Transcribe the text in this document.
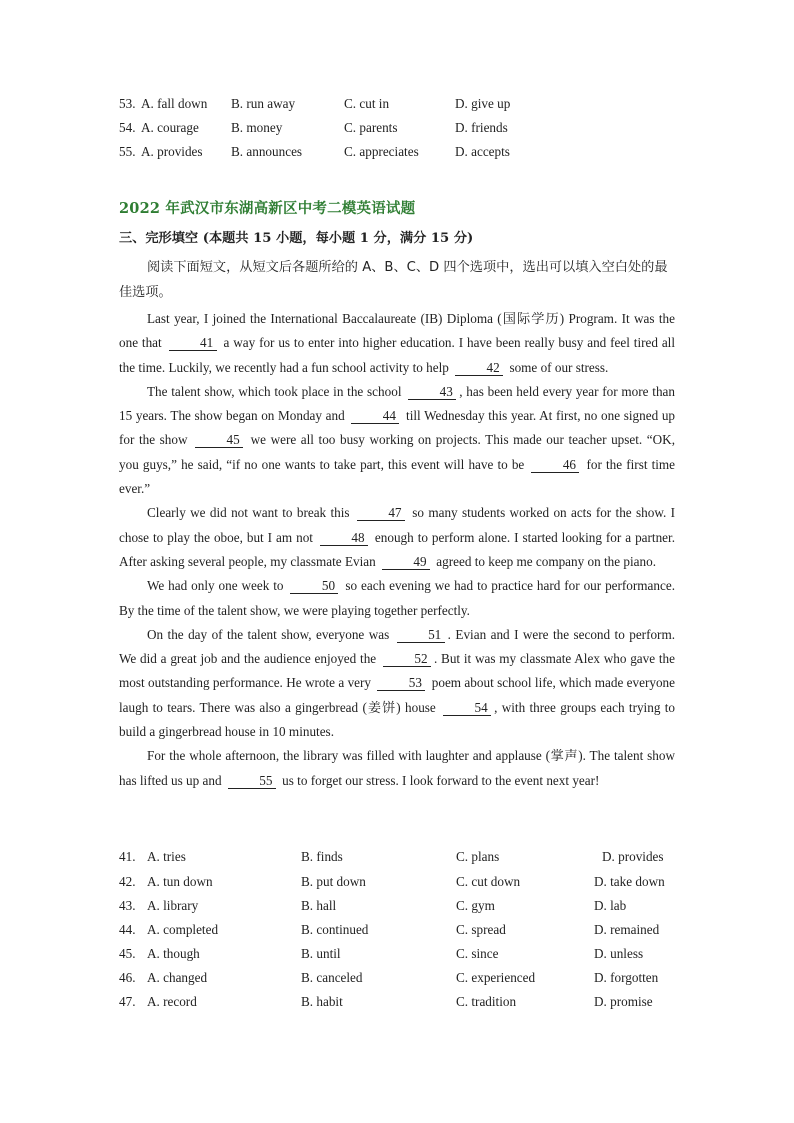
53. A. fall down B. run away	C. cut in	D. give up
54. A. courage B. money	C. parents	D. friends
55. A. provides B. announces	C. appreciates	D. accepts
2022 年武汉市东湖高新区中考二模英语试题
三、完形填空 (本题共 15 小题，每小题 1 分，满分 15 分)
阅读下面短文，从短文后各题所给的 A、B、C、D 四个选项中，选出可以填入空白处的最佳选项。

Last year, I joined the International Baccalaureate (IB) Diploma (国际学历) Program. It was the one that	41 a way for us to enter into higher education. I have been really busy and feel tired all the time. Luckily, we recently had a fun school activity to help	42 some of our stress.

The talent show, which took place in the school	43 , has been held every year for more than 15 years. The show began on Monday and	44 till Wednesday this year. At first, no one signed up for the show	45 we were all too busy working on projects. This made our teacher upset. “OK, you guys,” he said, “if no one wants to take part, this event will have to be	46 for the first time ever.”

Clearly we did not want to break this	47 so many students worked on acts for the show. I chose to play the oboe, but I am not	48 enough to perform alone. I started looking for a partner. After asking several people, my classmate Evian	49 agreed to keep me company on the piano.

We had only one week to	50 so each evening we had to practice hard for our performance. By the time of the talent show, we were playing together perfectly.

On the day of the talent show, everyone was	51 . Evian and I were the second to perform. We did a great job and the audience enjoyed the	52 . But it was my classmate Alex who gave the most outstanding performance. He wrote a very	53 poem about school life, which made everyone laugh to tears. There was also a gingerbread (姜饼) house	54 , with three groups each trying to build a gingerbread house in 10 minutes.

For the whole afternoon, the library was filled with laughter and applause (掌声). The talent show has lifted us up and	55 us to forget our stress. I look forward to the event next year!

41. A. tries	B. finds	C. plans	D. provides
42. A. tun down	B. put down	C. cut down	D. take down
43. A. library	B. hall	C. gym	D. lab
44. A. completed	B. continued	C. spread	D. remained
45. A. though	B. until	C. since	D. unless
46. A. changed	B. canceled	C. experienced	D. forgotten
47. A. record	B. habit	C. tradition	D. promise
